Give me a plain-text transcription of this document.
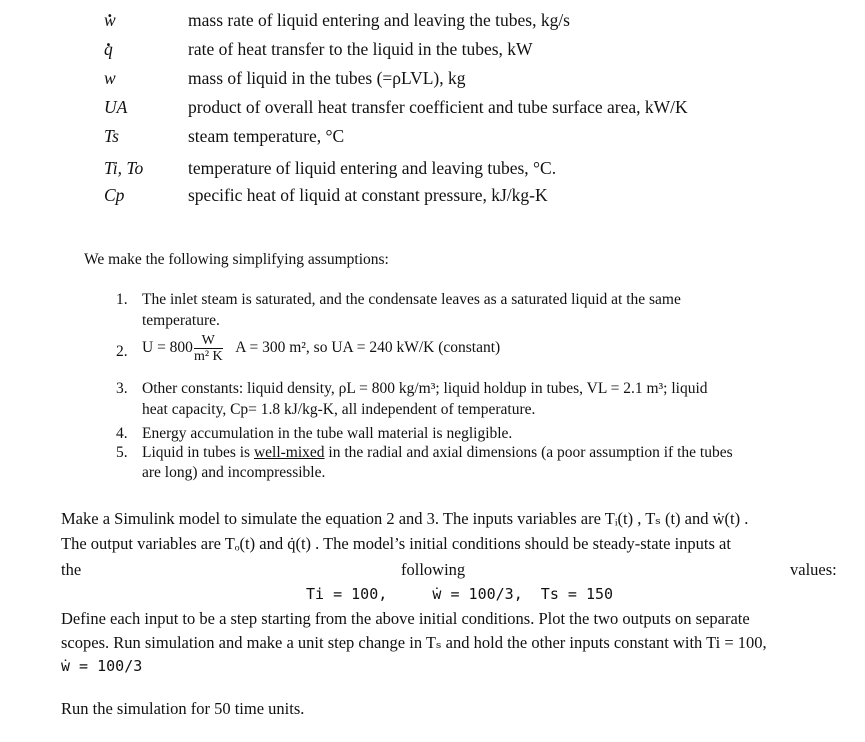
. w	mass rate of liquid entering and leaving the tubes, kg/s
. q	rate of heat transfer to the liquid in the tubes, kW
w	mass of liquid in the tubes (=ρLVL), kg
UA	product of overall heat transfer coefficient and tube surface area, kW/K
Ts	steam temperature, °C
Ti, To	temperature of liquid entering and leaving tubes, °C.
Cp	specific heat of liquid at constant pressure, kJ/kg-K
We make the following simplifying assumptions:
1. The inlet steam is saturated, and the condensate leaves as a saturated liquid at the same
temperature.
2. $U = 800 \frac{W}{\text{m² K}}$ A = 300 m², so UA = 240 kW/K (constant)
3. Other constants: liquid density, ρL = 800 kg/m³; liquid holdup in tubes, VL = 2.1 m³; liquid
heat capacity, Cp= 1.8 kJ/kg-K, all independent of temperature.
4. Energy accumulation in the tube wall material is negligible.
5. Liquid in tubes is well-mixed in the radial and axial dimensions (a poor assumption if the tubes
are long) and incompressible.
Make a Simulink model to simulate the equation 2 and 3. The inputs variables are Tᵢ(t) , Tₛ (t) and ẇ(t) .
The output variables are Tₒ(t) and q̇(t) . The model’s initial conditions should be steady-state inputs at
the	following	values:
Ti = 100,     ẇ = 100/3,  Ts = 150
Define each input to be a step starting from the above initial conditions. Plot the two outputs on separate
scopes. Run simulation and make a unit step change in Tₛ and hold the other inputs constant with Ti = 100,
ẇ = 100/3
Run the simulation for 50 time units.
